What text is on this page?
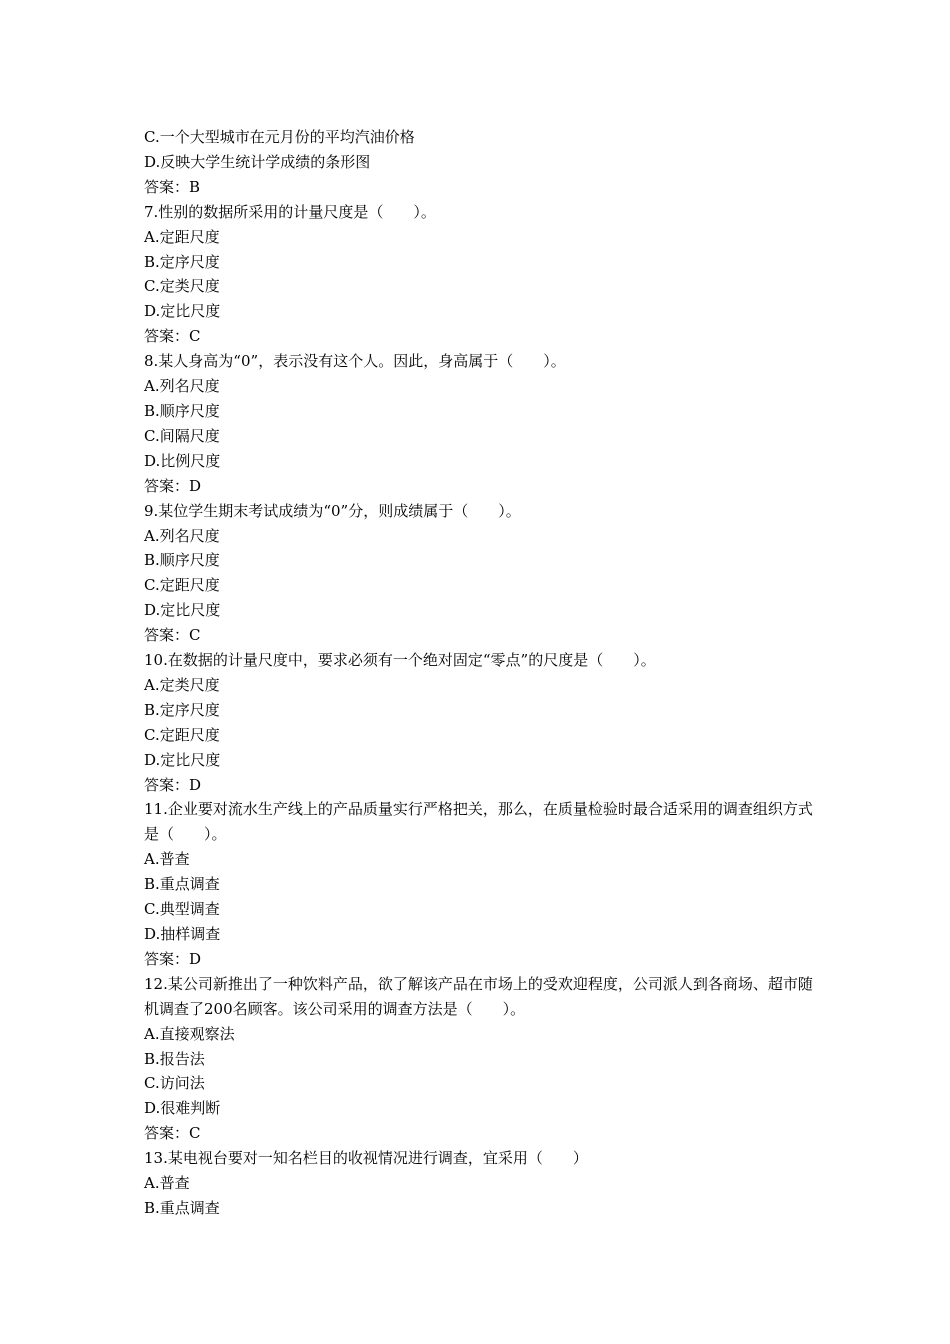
C.一个大型城市在元月份的平均汽油价格
D.反映大学生统计学成绩的条形图
答案：B
7.性别的数据所采用的计量尺度是（　　）。
A.定距尺度
B.定序尺度
C.定类尺度
D.定比尺度
答案：C
8.某人身高为“0”，表示没有这个人。因此，身高属于（　　）。
A.列名尺度
B.顺序尺度
C.间隔尺度
D.比例尺度
答案：D
9.某位学生期末考试成绩为“0”分，则成绩属于（　　）。
A.列名尺度
B.顺序尺度
C.定距尺度
D.定比尺度
答案：C
10.在数据的计量尺度中，要求必须有一个绝对固定“零点”的尺度是（　　）。
A.定类尺度
B.定序尺度
C.定距尺度
D.定比尺度
答案：D
11.企业要对流水生产线上的产品质量实行严格把关，那么，在质量检验时最合适采用的调查组织方式是（　　）。
A.普查
B.重点调查
C.典型调查
D.抽样调查
答案：D
12.某公司新推出了一种饮料产品，欲了解该产品在市场上的受欢迎程度，公司派人到各商场、超市随机调查了200名顾客。该公司采用的调查方法是（　　）。
A.直接观察法
B.报告法
C.访问法
D.很难判断
答案：C
13.某电视台要对一知名栏目的收视情况进行调查，宜采用（　　）
A.普查
B.重点调查
